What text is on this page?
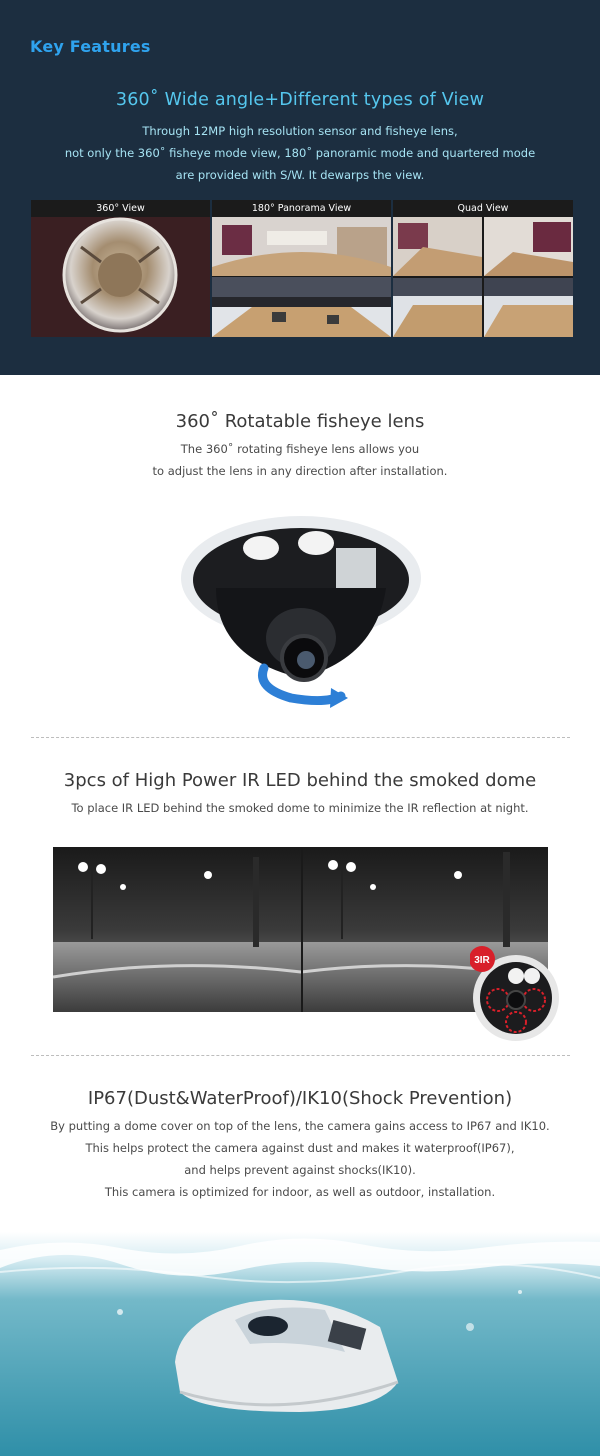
Key Features
360˚ Wide angle+Different types of View
Through 12MP high resolution sensor and fisheye lens,
not only the 360˚ fisheye mode view, 180˚ panoramic mode and quartered mode
are provided with S/W. It dewarps the view.
360° View	180° Panorama View	Quad View
360˚ Rotatable fisheye lens
The 360˚ rotating fisheye lens allows you
to adjust the lens in any direction after installation.
3pcs of High Power IR LED behind the smoked dome
To place IR LED behind the smoked dome to minimize the IR reflection at night.
3IR
IP67(Dust&WaterProof)/IK10(Shock Prevention)
By putting a dome cover on top of the lens, the camera gains access to IP67 and IK10.
This helps protect the camera against dust and makes it waterproof(IP67),
and helps prevent against shocks(IK10).
This camera is optimized for indoor, as well as outdoor, installation.
